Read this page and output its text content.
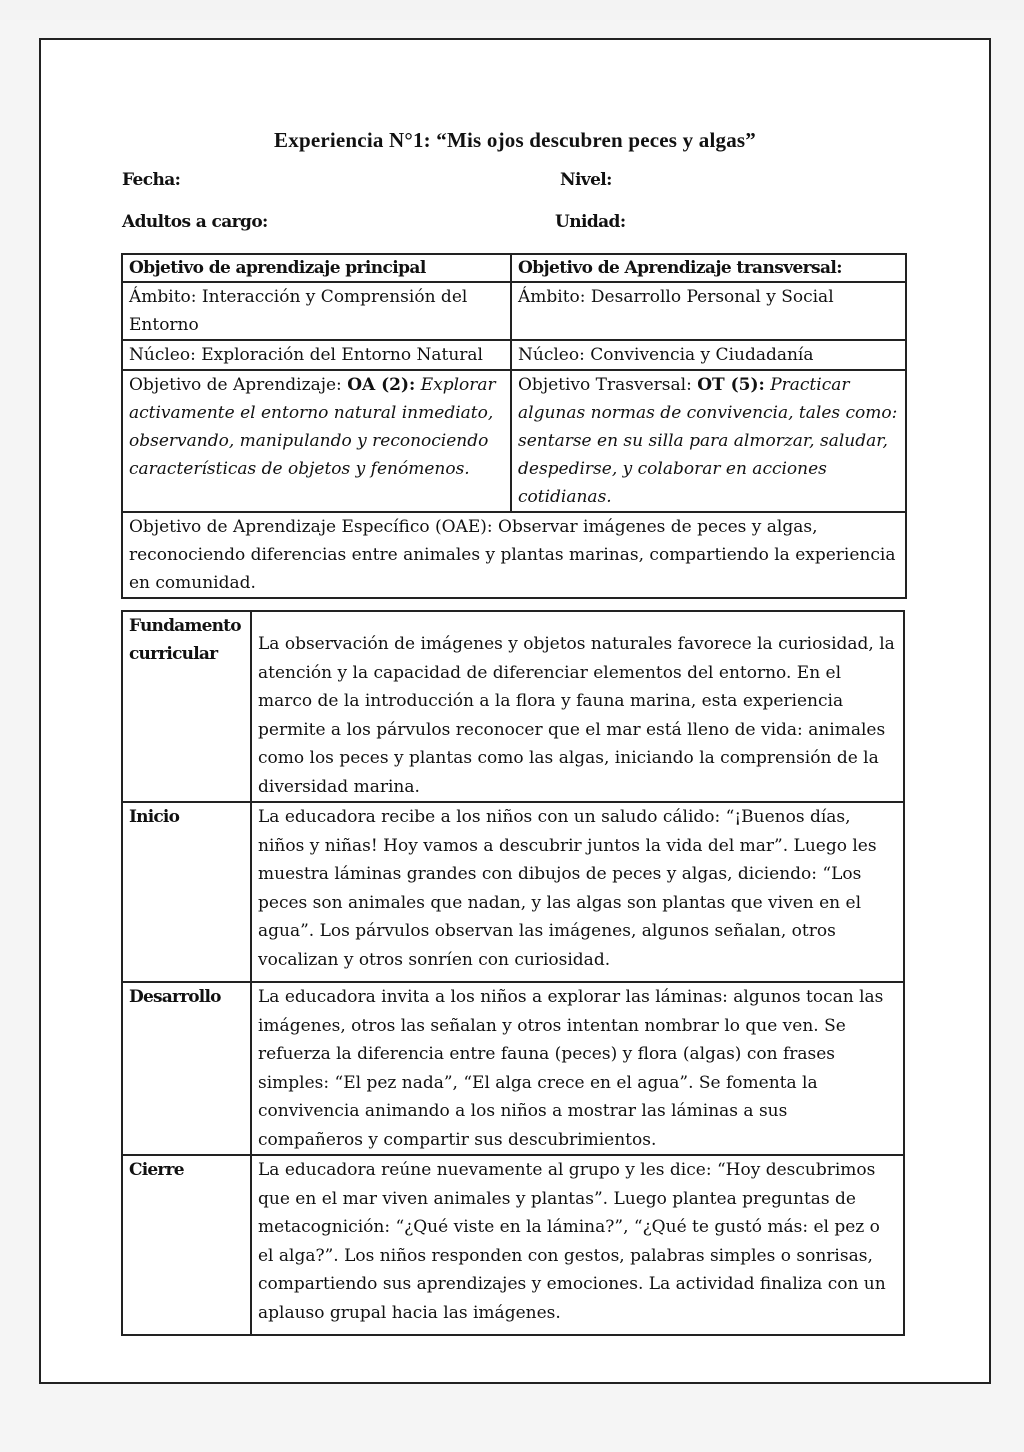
Experiencia N°1: “Mis ojos descubren peces y algas”
Fecha:	Nivel:
Adultos a cargo:	Unidad:
Objetivo de aprendizaje principal	Objetivo de Aprendizaje transversal:
Ámbito: Interacción y Comprensión del Entorno	Ámbito: Desarrollo Personal y Social
Núcleo: Exploración del Entorno Natural	Núcleo: Convivencia y Ciudadanía
Objetivo de Aprendizaje: OA (2): Explorar activamente el entorno natural inmediato, observando, manipulando y reconociendo características de objetos y fenómenos.	Objetivo Trasversal: OT (5): Practicar algunas normas de convivencia, tales como: sentarse en su silla para almorzar, saludar, despedirse, y colaborar en acciones cotidianas.
Objetivo de Aprendizaje Específico (OAE): Observar imágenes de peces y algas, reconociendo diferencias entre animales y plantas marinas, compartiendo la experiencia en comunidad.	
Fundamento curricular	La observación de imágenes y objetos naturales favorece la curiosidad, la atención y la capacidad de diferenciar elementos del entorno. En el marco de la introducción a la flora y fauna marina, esta experiencia permite a los párvulos reconocer que el mar está lleno de vida: animales como los peces y plantas como las algas, iniciando la comprensión de la diversidad marina.

Inicio	La educadora recibe a los niños con un saludo cálido: “¡Buenos días, niños y niñas! Hoy vamos a descubrir juntos la vida del mar”. Luego les muestra láminas grandes con dibujos de peces y algas, diciendo: “Los peces son animales que nadan, y las algas son plantas que viven en el agua”. Los párvulos observan las imágenes, algunos señalan, otros vocalizan y otros sonríen con curiosidad.
Desarrollo	La educadora invita a los niños a explorar las láminas: algunos tocan las imágenes, otros las señalan y otros intentan nombrar lo que ven. Se refuerza la diferencia entre fauna (peces) y flora (algas) con frases simples: “El pez nada”, “El alga crece en el agua”. Se fomenta la convivencia animando a los niños a mostrar las láminas a sus compañeros y compartir sus descubrimientos.
Cierre	La educadora reúne nuevamente al grupo y les dice: “Hoy descubrimos que en el mar viven animales y plantas”. Luego plantea preguntas de metacognición: “¿Qué viste en la lámina?”, “¿Qué te gustó más: el pez o el alga?”. Los niños responden con gestos, palabras simples o sonrisas, compartiendo sus aprendizajes y emociones. La actividad finaliza con un aplauso grupal hacia las imágenes.
